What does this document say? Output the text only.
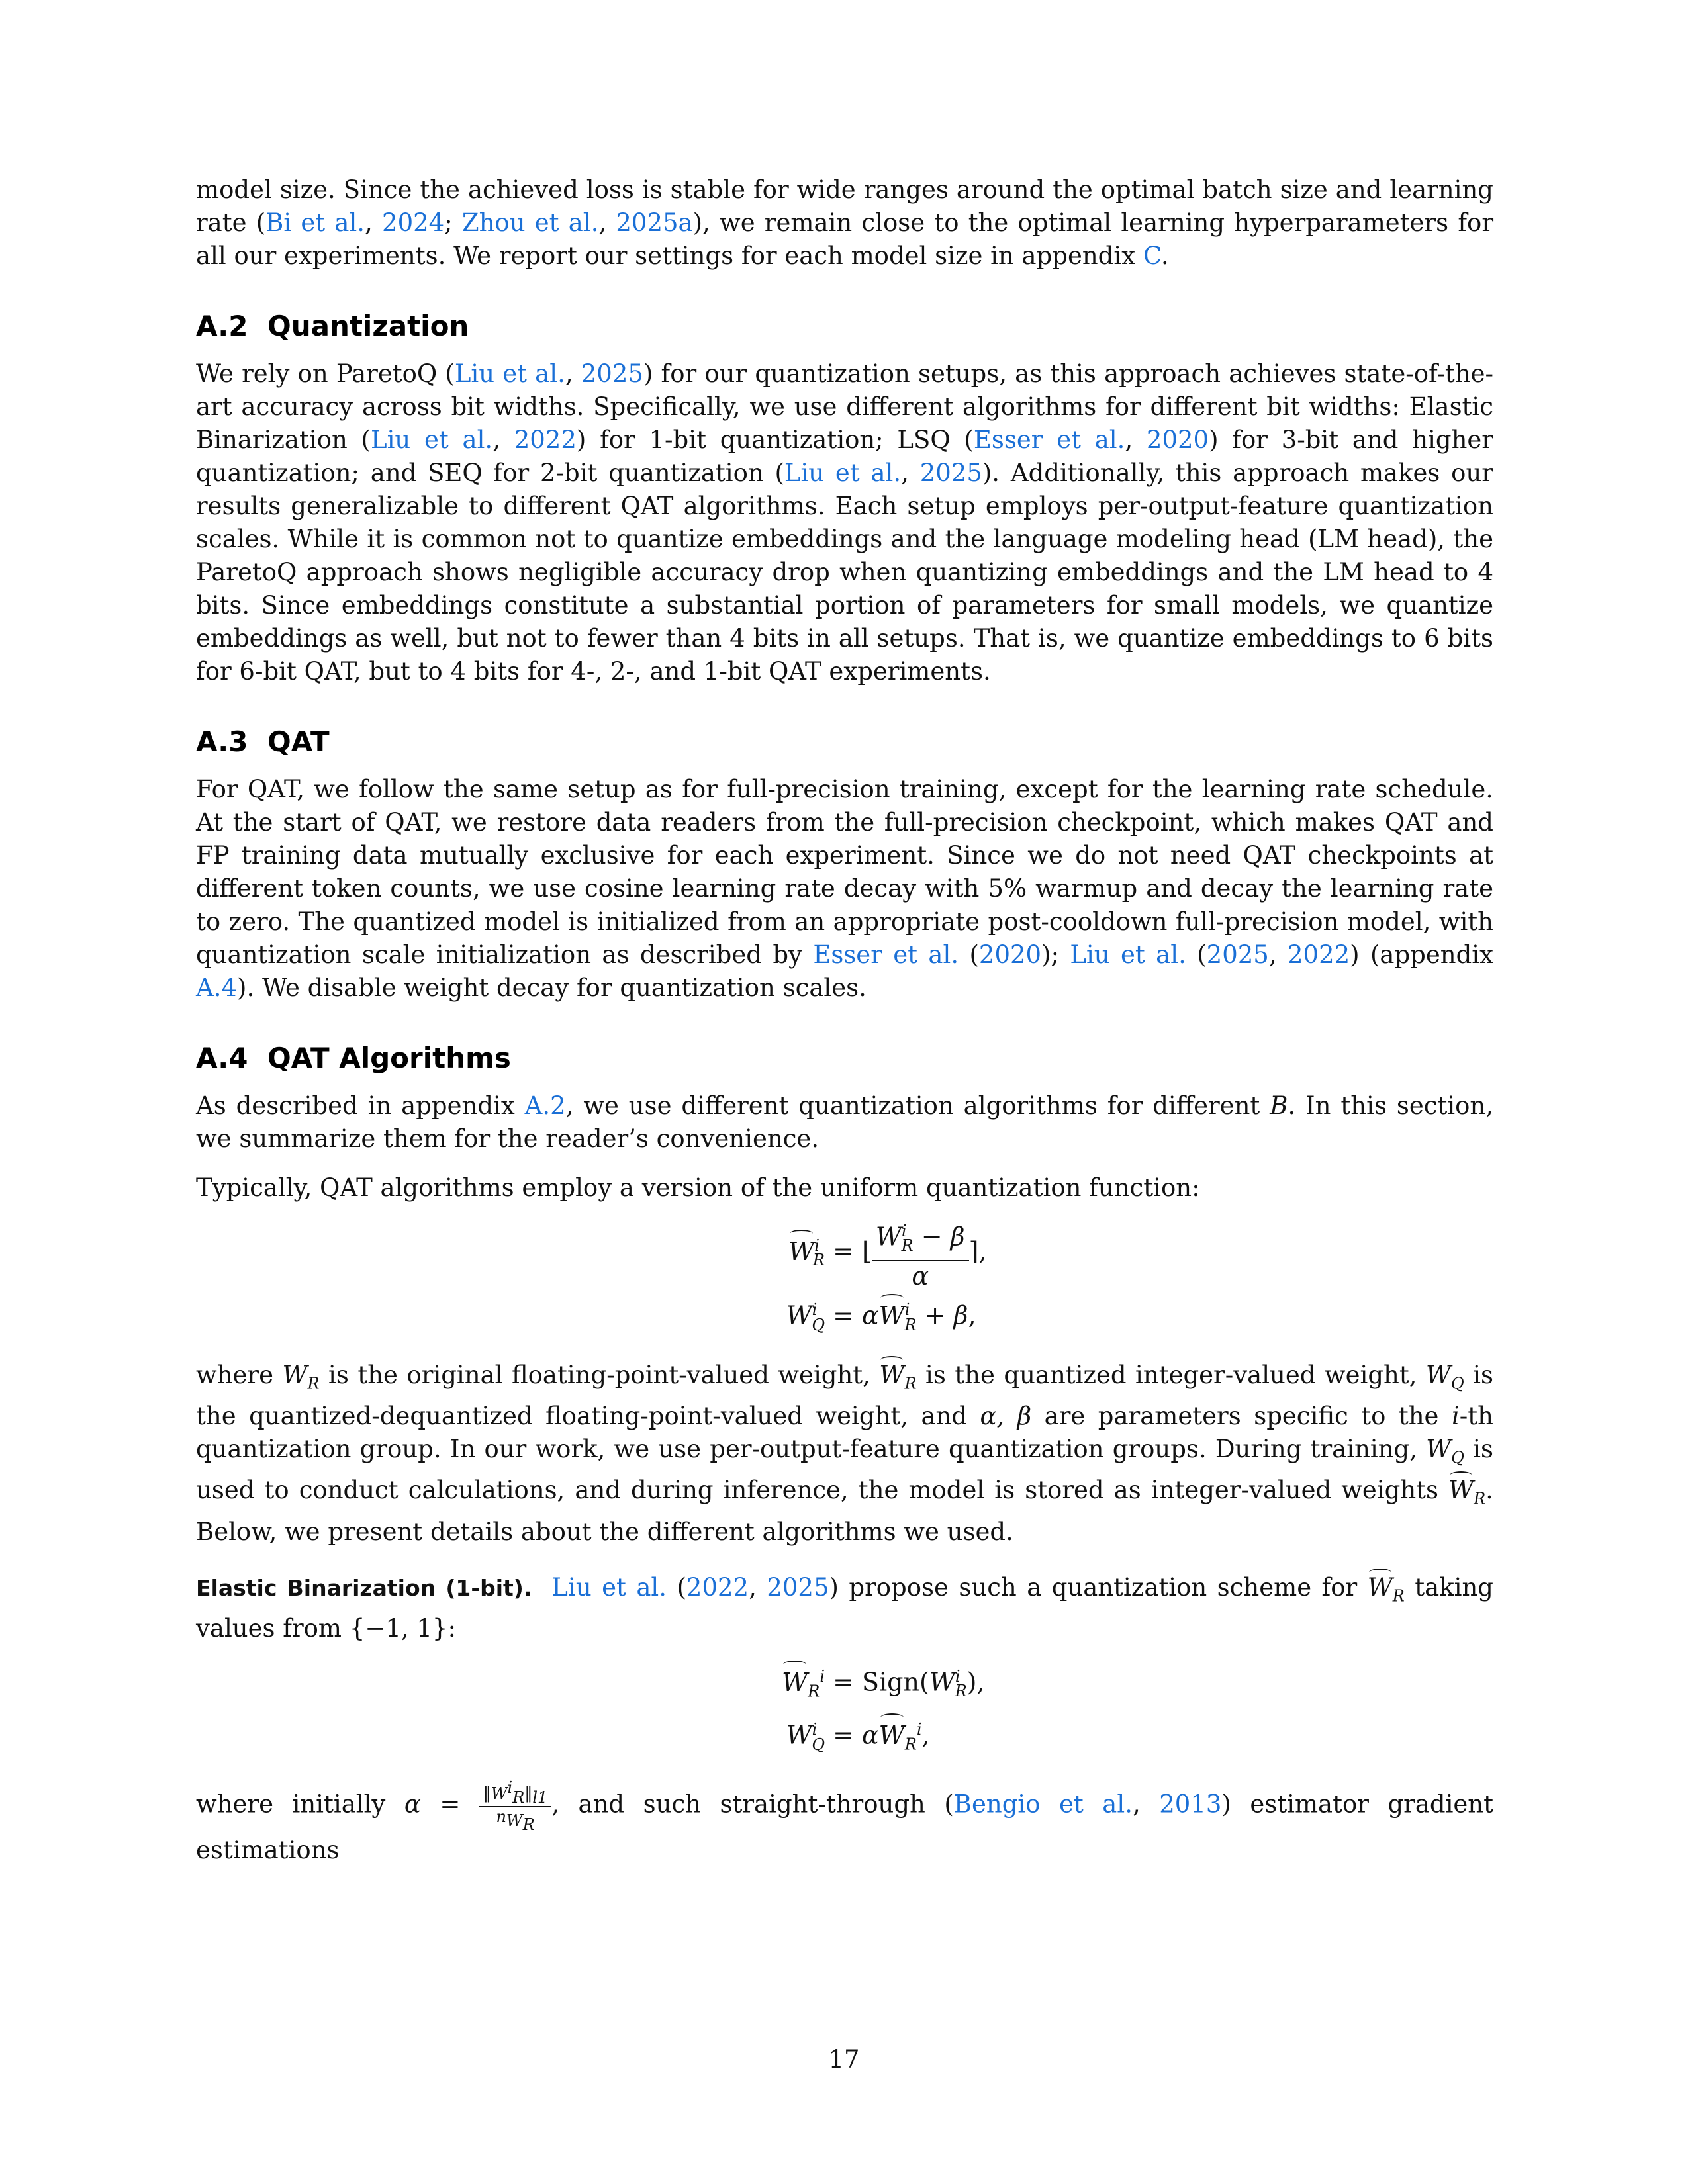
model size. Since the achieved loss is stable for wide ranges around the optimal batch size and learning rate (Bi et al., 2024; Zhou et al., 2025a), we remain close to the optimal learning hyperparameters for all our experiments. We report our settings for each model size in appendix C.

A.2 Quantization

We rely on ParetoQ (Liu et al., 2025) for our quantization setups, as this approach achieves state-of-the-art accuracy across bit widths. Specifically, we use different algorithms for different bit widths: Elastic Binarization (Liu et al., 2022) for 1-bit quantization; LSQ (Esser et al., 2020) for 3-bit and higher quantization; and SEQ for 2-bit quantization (Liu et al., 2025). Additionally, this approach makes our results generalizable to different QAT algorithms. Each setup employs per-output-feature quantization scales. While it is common not to quantize embeddings and the language modeling head (LM head), the ParetoQ approach shows negligible accuracy drop when quantizing embeddings and the LM head to 4 bits. Since embeddings constitute a substantial portion of parameters for small models, we quantize embeddings as well, but not to fewer than 4 bits in all setups. That is, we quantize embeddings to 6 bits for 6-bit QAT, but to 4 bits for 4-, 2-, and 1-bit QAT experiments.

A.3 QAT

For QAT, we follow the same setup as for full-precision training, except for the learning rate schedule. At the start of QAT, we restore data readers from the full-precision checkpoint, which makes QAT and FP training data mutually exclusive for each experiment. Since we do not need QAT checkpoints at different token counts, we use cosine learning rate decay with 5% warmup and decay the learning rate to zero. The quantized model is initialized from an appropriate post-cooldown full-precision model, with quantization scale initialization as described by Esser et al. (2020); Liu et al. (2025, 2022) (appendix A.4). We disable weight decay for quantization scales.

A.4 QAT Algorithms

As described in appendix A.2, we use different quantization algorithms for different B. In this section, we summarize them for the reader’s convenience.

Typically, QAT algorithms employ a version of the uniform quantization function:

$W^i_R$ = ⌊ $\frac{W^i_R - \beta}{\alpha}$ ⌉,
$W^i_Q = \alpha W^i_R + \beta$,

where $W_R$ is the original floating-point-valued weight, $W_R$ is the quantized integer-valued weight, $W_Q$ is the quantized-dequantized floating-point-valued weight, and α, β are parameters specific to the i-th quantization group. In our work, we use per-output-feature quantization groups. During training, $W_Q$ is used to conduct calculations, and during inference, the model is stored as integer-valued weights $W_R$. Below, we present details about the different algorithms we used.

Elastic Binarization (1-bit). Liu et al. (2022, 2025) propose such a quantization scheme for $W_R$ taking values from {−1, 1}:

$W_R^i$ = $Sign(W^i_R)$,
$W^i_Q = \alpha W_R^i$,

where initially $\alpha = \frac{‖W^i_R‖_{l1}}{n_{W_R}}$ , and such straight-through (Bengio et al., 2013) estimator gradient estimations

17
